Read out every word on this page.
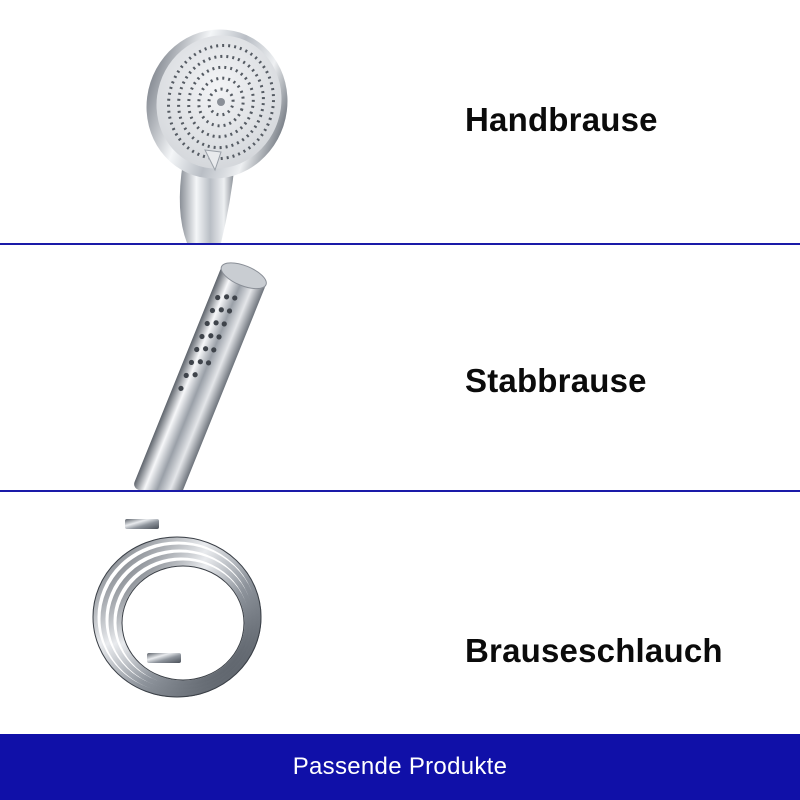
Handbrause
Stabbrause
Brauseschlauch
Passende Produkte
